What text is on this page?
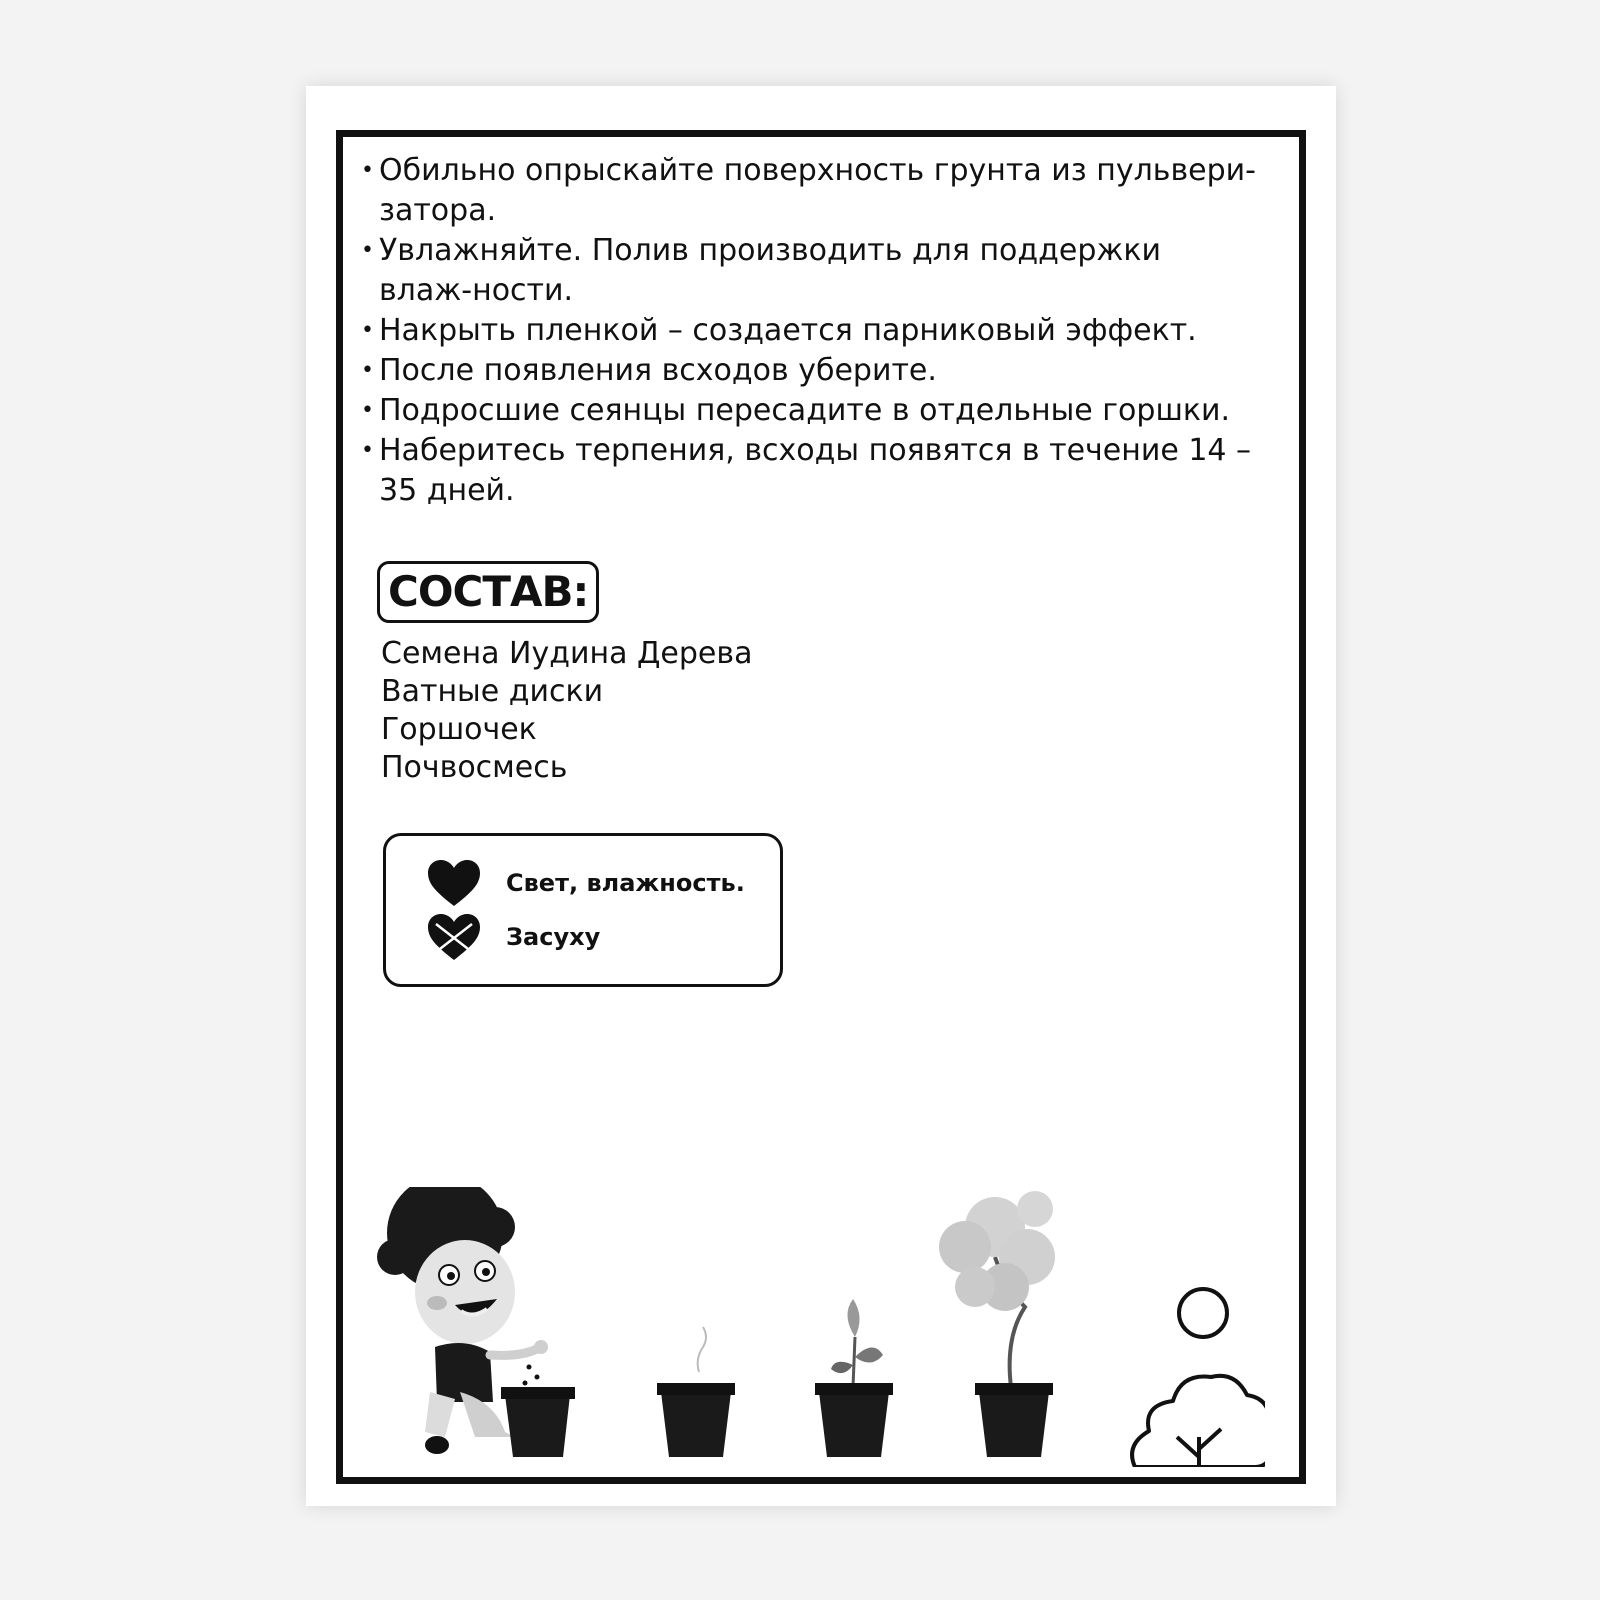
• Обильно опрыскайте поверхность грунта из пульвери-затора.
• Увлажняйте. Полив производить для поддержки влаж-ности.
• Накрыть пленкой – создается парниковый эффект.
• После появления всходов уберите.
• Подросшие сеянцы пересадите в отдельные горшки.
• Наберитесь терпения, всходы появятся в течение 14 – 35 дней.
СОСТАВ:
Семена Иудина Дерева
Ватные диски
Горшочек
Почвосмесь
Свет, влажность.
Засуху
